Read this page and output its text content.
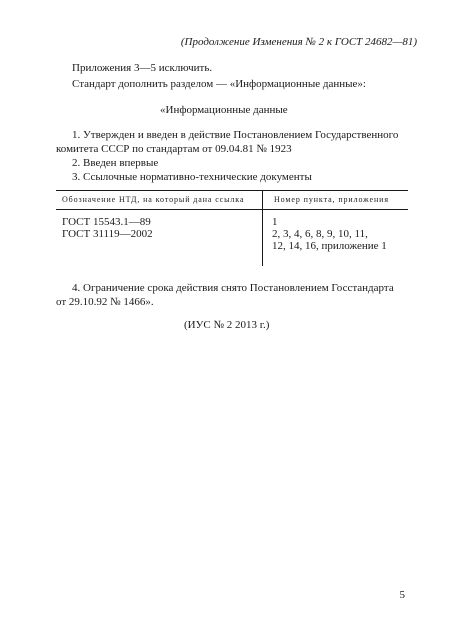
(Продолжение Изменения № 2 к ГОСТ 24682—81)
Приложения 3—5 исключить.
Стандарт дополнить разделом — «Информационные данные»:
«Информационные данные
1. Утвержден и введен в действие Постановлением Государственного
комитета СССР по стандартам от 09.04.81 № 1923
2. Введен впервые
3. Ссылочные нормативно-технические документы
Обозначение НТД, на который дана ссылка	Номер пункта, приложения
ГОСТ 15543.1—89	1
ГОСТ 31119—2002	2, 3, 4, 6, 8, 9, 10, 11,
12, 14, 16, приложение 1
4. Ограничение срока действия снято Постановлением Госстандарта
от 29.10.92 № 1466».
(ИУС № 2 2013 г.)
5
